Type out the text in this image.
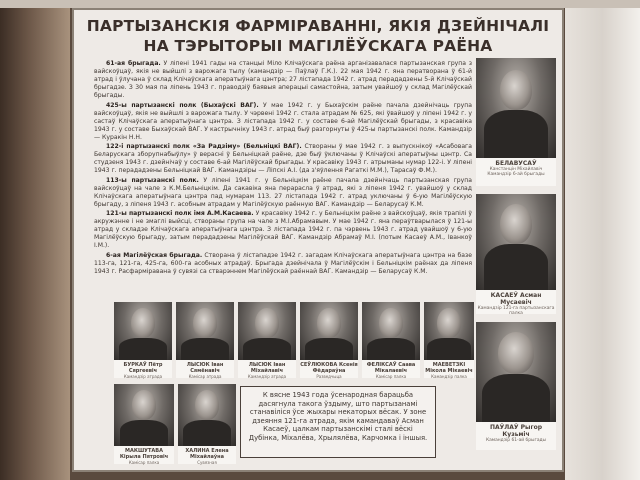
ПАРТЫЗАНСКІЯ ФАРМІРАВАННІ, ЯКІЯ ДЗЕЙНІЧАЛІ
НА ТЭРЫТОРЫІ МАГІЛЁЎСКАГА РАЁНА

61-ая брыгада. У ліпені 1941 гады на станцыі Міло Клічаўскага раёна арганізавалася партызанская група з вайскоўцаў, якія не выйшлі з варожага тылу (камандзір — Паўлаў Г.К.). 22 мая 1942 г. яна ператворана ў 61-й атрад і ўлучана ў склад Клічаўскага аператыўнага цэнтра; 27 лістапада 1942 г. атрад перададзены 5-й Клічаўскай брыгадзе. З 30 мая па ліпень 1943 г. праводзіў баявыя аперацыі самастойна, затым увайшоў у склад Магілёўскай брыгады.

425-ы партызанскі полк (Быхаўскі ВАГ). У мае 1942 г. у Быхаўскім раёне пачала дзейнічаць група вайскоўцаў, якія не выйшлі з варожага тылу. У чэрвені 1942 г. стала атрадам № 625, які ўвайшоў у ліпені 1942 г. у састаў Клічаўскага аператыўнага цэнтра. З лістапада 1942 г. у составе 6-ай Магілёўскай брыгады, з красавіка 1943 г. у составе Быхаўскай ВАГ. У кастрычніку 1943 г. атрад быў разгорнуты ў 425-ы партызанскі полк. Камандзір — Куракін Н.Н.

122-і партызанскі полк «За Радзіму» (Бельніцкі ВАГ). Створаны ў мае 1942 г. з выпускнікоў «Асабовага Беларускага зборупнабыўлу» ў вераснi ў Бельніцкай раёне, дзе быў ўключаны ў Клічаўскі аператыўны цэнтр. Са студзеня 1943 г. дзейнічаў у составе 6-ай Магілёўскай брыгады. У красавіку 1943 г. атрыманы нумар 122-і. У ліпені 1943 г. перададзены Бельніцкай ВАГ. Камандзіры — Ліпскі А.І. (да з'яўлення Рагаткі М.М.), Тарасаў Ф.М.).

113-ы партызанскі полк. У ліпені 1941 г. у Бельніцкім раёне пачала дзейнічаць партызанская група вайскоўцаў на чале з К.М.Бельніцкім. Да сакавіка яна перарасла ў атрад, які з ліпеня 1942 г. увайшоў у склад Клічаўскага аператыўнага цэнтра пад нумарам 113. 27 лістапада 1942 г. атрад уключаны ў 6-ую Магілёўскую брыгаду, з ліпеня 1943 г. асобным атрадам у Магілёўскую раённую ВАГ. Камандзір — Беларусаў К.М.

121-ы партызанскі полк імя А.М.Касаева. У красавіку 1942 г. у Бельніцкім раёне з вайскоўцаў, якія трапілі ў акружэнне і не змаглі выйсці, створаны група на чале з М.І.Абрамавым. У мае 1942 г. яна пераўтварылася ў 121-ы атрад у складзе Клічаўскага аператыўнага цэнтра. З лістапада 1942 г. па чэрвень 1943 г. атрад увайшоў у 6-ую Магілёўскую брыгаду, затым перададзены Магілёўскай ВАГ. Камандзір Абрамаў М.І. (потым Касаеў А.М., Іванкоў І.М.).

6-ая Магілёўская брыгада. Створана ў лістападзе 1942 г. загадам Клічаўскага аператыўнага цэнтра на базе 113-га, 121-га, 425-га, 600-га асобных атрадаў. Брыгада дзейнічала ў Магілёўскім і Бельніцкім раёнах да ліпеня 1943 г. Расфарміравана ў сувязі са стварэннем Магілёўскай раённай ВАГ. Камандзір — Беларусаў К.М.

БЕЛАВУСАЎ
Канстанцін Міхайлавіч
Камандзір 6-ай брыгады
КАСАЕЎ Асман Мусаевіч
Камандзір 121-га партызанскага палка
ПАЎЛАЎ Рыгор Кузьміч
Камандзір 61-ай брыгады
БУРКАЎ Пётр Сяргеевіч
Камандзір атрада
ЛЫСЮК Іван Сямёнавіч
Камісар атрада
ЛЫСЮК Іван Міхайлавіч
Камандзір атрада
СЕЎЛЮКОВА Ксенія Фёдараўна
Разведчыца
ФЕЛІКСАЎ Саава Мікалаевіч
Камісар палка
МАЕВЕТЗКІ Мікола Мікаевіч
Камандзір палка
МАКШУТАВА Кірыла Пятровіч
Камісар палка
ХАЛИНА Елена Міхайлаўна
Сувязная
К вясне 1943 года ўсенародная барацьба дасягнула такога ўздыму, што партызанамі станавіліся ўсе жыхары некаторых вёсак. У зоне дзеяння 121-га атрада, якім камандаваў Асман Касаеў, цалкам партызанскімі сталі вёскі Дубінка, Міхалёва, Хрылялёва, Карчомка і іншыя.
